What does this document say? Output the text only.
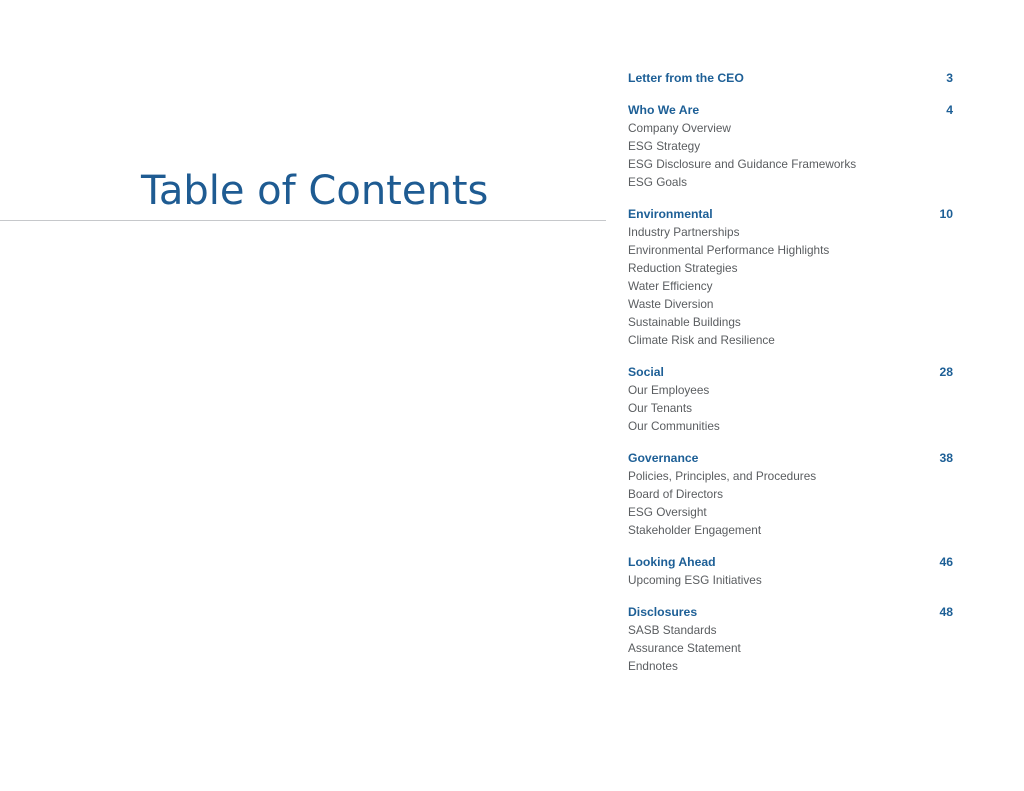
Table of Contents
Letter from the CEO	3
Who We Are	4
Company Overview
ESG Strategy
ESG Disclosure and Guidance Frameworks
ESG Goals
Environmental	10
Industry Partnerships
Environmental Performance Highlights
Reduction Strategies
Water Efficiency
Waste Diversion
Sustainable Buildings
Climate Risk and Resilience
Social	28
Our Employees
Our Tenants
Our Communities
Governance	38
Policies, Principles, and Procedures
Board of Directors
ESG Oversight
Stakeholder Engagement
Looking Ahead	46
Upcoming ESG Initiatives
Disclosures	48
SASB Standards
Assurance Statement
Endnotes
